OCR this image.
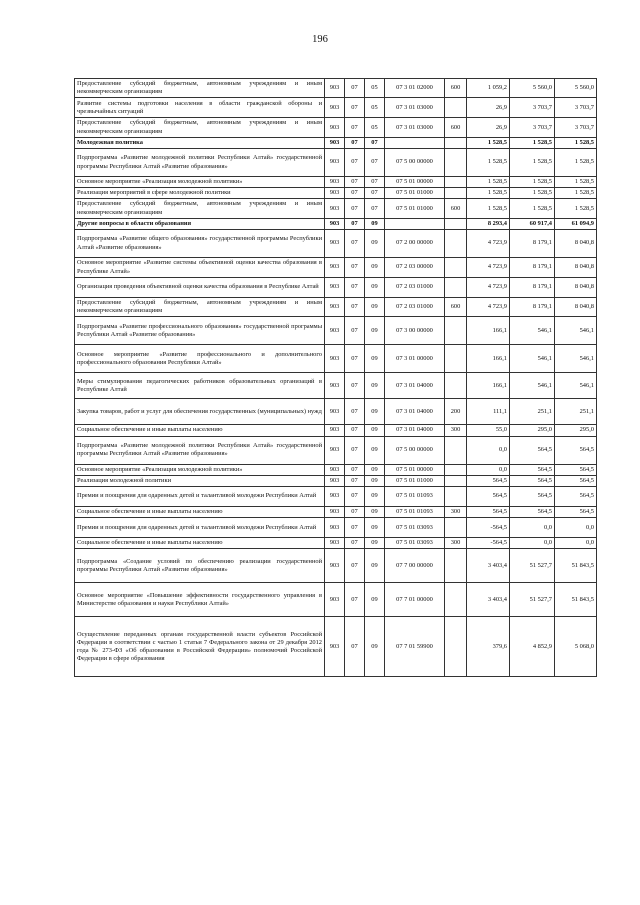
196
Предоставление субсидий бюджетным, автономным учреждениям и иным некоммерческим организациям	903	07	05	07 3 01 02000	600	1 059,2	5 560,0	5 560,0
Развитие системы подготовки населения в области гражданской обороны и чрезвычайных ситуаций	903	07	05	07 3 01 03000		26,9	3 703,7	3 703,7
Предоставление субсидий бюджетным, автономным учреждениям и иным некоммерческим организациям	903	07	05	07 3 01 03000	600	26,9	3 703,7	3 703,7
Молодежная политика	903	07	07			1 528,5	1 528,5	1 528,5
Подпрограмма «Развитие молодежной политики Республики Алтай» государственной программы Республики Алтай «Развитие образования»	903	07	07	07 5 00 00000		1 528,5	1 528,5	1 528,5
Основное мероприятие «Реализация молодежной политики»	903	07	07	07 5 01 00000		1 528,5	1 528,5	1 528,5
Реализация мероприятий в сфере молодежной политики	903	07	07	07 5 01 01000		1 528,5	1 528,5	1 528,5
Предоставление субсидий бюджетным, автономным учреждениям и иным некоммерческим организациям	903	07	07	07 5 01 01000	600	1 528,5	1 528,5	1 528,5
Другие вопросы в области образования	903	07	09			8 293,4	60 917,4	61 094,9
Подпрограмма «Развитие общего образования» государственной программы Республики Алтай «Развитие образования»	903	07	09	07 2 00 00000		4 723,9	8 179,1	8 040,8
Основное мероприятие «Развитие системы объективной оценки качества образования в Республике Алтай»	903	07	09	07 2 03 00000		4 723,9	8 179,1	8 040,8
Организация проведения объективной оценки качества образования в Республике Алтай	903	07	09	07 2 03 01000		4 723,9	8 179,1	8 040,8
Предоставление субсидий бюджетным, автономным учреждениям и иным некоммерческим организациям	903	07	09	07 2 03 01000	600	4 723,9	8 179,1	8 040,8
Подпрограмма «Развитие профессионального образования» государственной программы Республики Алтай «Развитие образования»	903	07	09	07 3 00 00000		166,1	546,1	546,1
Основное мероприятие «Развитие профессионального и дополнительного профессионального образования Республики Алтай»	903	07	09	07 3 01 00000		166,1	546,1	546,1
Меры стимулирования педагогических работников образовательных организаций в Республике Алтай	903	07	09	07 3 01 04000		166,1	546,1	546,1
Закупка товаров, работ и услуг для обеспечения государственных (муниципальных) нужд	903	07	09	07 3 01 04000	200	111,1	251,1	251,1
Социальное обеспечение и иные выплаты населению	903	07	09	07 3 01 04000	300	55,0	295,0	295,0
Подпрограмма «Развитие молодежной политики Республики Алтай» государственной программы Республики Алтай «Развитие образования»	903	07	09	07 5 00 00000		0,0	564,5	564,5
Основное мероприятие «Реализация молодежной политики»	903	07	09	07 5 01 00000		0,0	564,5	564,5
Реализация молодежной политики	903	07	09	07 5 01 01000		564,5	564,5	564,5
Премии и поощрения для одаренных детей и талантливой молодежи Республики Алтай	903	07	09	07 5 01 01093		564,5	564,5	564,5
Социальное обеспечение и иные выплаты населению	903	07	09	07 5 01 01093	300	564,5	564,5	564,5
Премии и поощрения для одаренных детей и талантливой молодежи Республики Алтай	903	07	09	07 5 01 03093		-564,5	0,0	0,0
Социальное обеспечение и иные выплаты населению	903	07	09	07 5 01 03093	300	-564,5	0,0	0,0
Подпрограмма «Создание условий по обеспечению реализации государственной программы Республики Алтай «Развитие образования»	903	07	09	07 7 00 00000		3 403,4	51 527,7	51 843,5
Основное мероприятие «Повышение эффективности государственного управления в Министерстве образования и науки Республики Алтай»	903	07	09	07 7 01 00000		3 403,4	51 527,7	51 843,5
Осуществление переданных органам государственной власти субъектов Российской Федерации в соответствии с частью 1 статьи 7 Федерального закона от 29 декабря 2012 года № 273-ФЗ «Об образовании в Российской Федерации» полномочий Российской Федерации в сфере образования	903	07	09	07 7 01 59900		379,6	4 852,9	5 068,0
